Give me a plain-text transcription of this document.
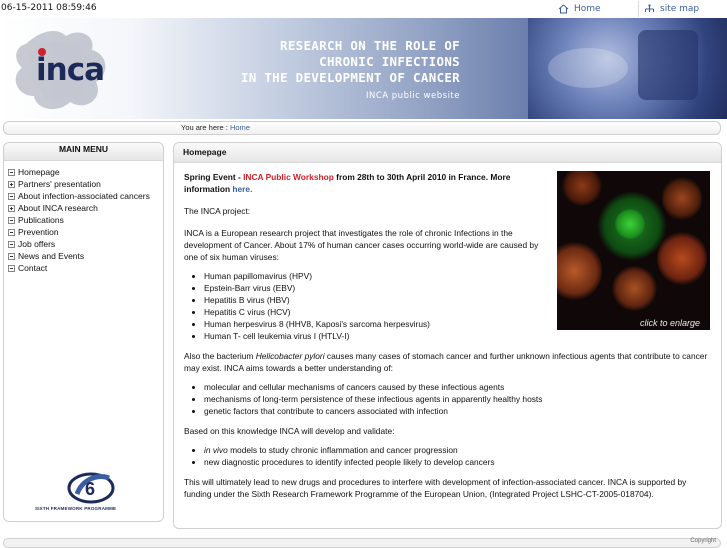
06-15-2011 08:59:46	Home	site map
inca
RESEARCH ON THE ROLE OF
CHRONIC INFECTIONS
IN THE DEVELOPMENT OF CANCER
INCA public website
You are here : Home
MAIN MENU
Homepage
Partners' presentation
About infection-associated cancers
About INCA research
Publications
Prevention
Job offers
News and Events
Contact
6
SIXTH FRAMEWORK PROGRAMME
Homepage

Spring Event - INCA Public Workshop from 28th to 30th April 2010 in France. More information here.

The INCA project:

INCA is a European research project that investigates the role of chronic Infections in the development of Cancer. About 17% of human cancer cases occurring world-wide are caused by one of six human viruses:

• Human papillomavirus (HPV)
• Epstein-Barr virus (EBV)
• Hepatitis B virus (HBV)
• Hepatitis C virus (HCV)
• Human herpesvirus 8 (HHV8, Kaposi's sarcoma herpesvirus)
• Human T- cell leukemia virus I (HTLV-I)

Also the bacterium Helicobacter pylori causes many cases of stomach cancer and further unknown infectious agents that contribute to cancer may exist. INCA aims towards a better understanding of:

• molecular and cellular mechanisms of cancers caused by these infectious agents
• mechanisms of long-term persistence of these infectious agents in apparently healthy hosts
• genetic factors that contribute to cancers associated with infection

Based on this knowledge INCA will develop and validate:

• in vivo models to study chronic inflammation and cancer progression
• new diagnostic procedures to identify infected people likely to develop cancers

This will ultimately lead to new drugs and procedures to interfere with development of infection-associated cancer. INCA is supported by funding under the Sixth Research Framework Programme of the European Union, (Integrated Project LSHC-CT-2005-018704).

click to enlarge
Copyright
